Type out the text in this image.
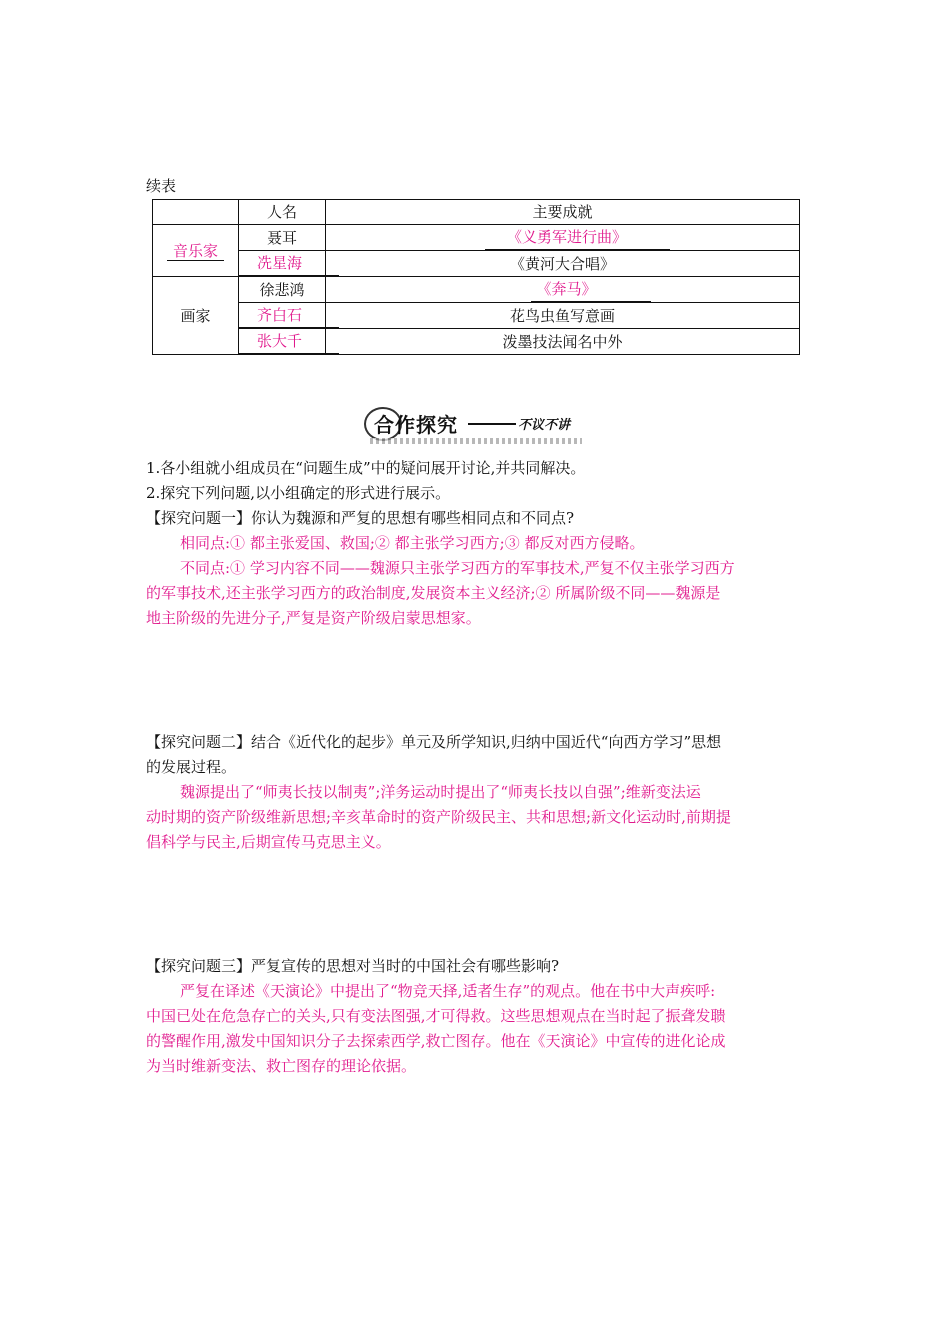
续表
	人名	主要成就
音乐家	聂耳	《义勇军进行曲》
	冼星海	《黄河大合唱》
画家	徐悲鸿	《奔马》
	齐白石	花鸟虫鱼写意画
	张大千	泼墨技法闻名中外
合作探究	不议不讲
1.各小组就小组成员在“问题生成”中的疑问展开讨论,并共同解决。
2.探究下列问题,以小组确定的形式进行展示。
【探究问题一】你认为魏源和严复的思想有哪些相同点和不同点?
相同点:① 都主张爱国、救国;② 都主张学习西方;③ 都反对西方侵略。
不同点:① 学习内容不同——魏源只主张学习西方的军事技术,严复不仅主张学习西方
的军事技术,还主张学习西方的政治制度,发展资本主义经济;② 所属阶级不同——魏源是
地主阶级的先进分子,严复是资产阶级启蒙思想家。
【探究问题二】结合《近代化的起步》单元及所学知识,归纳中国近代“向西方学习”思想
的发展过程。
魏源提出了“师夷长技以制夷”;洋务运动时提出了“师夷长技以自强”;维新变法运
动时期的资产阶级维新思想;辛亥革命时的资产阶级民主、共和思想;新文化运动时,前期提
倡科学与民主,后期宣传马克思主义。
【探究问题三】严复宣传的思想对当时的中国社会有哪些影响?
严复在译述《天演论》中提出了“物竞天择,适者生存”的观点。他在书中大声疾呼:
中国已处在危急存亡的关头,只有变法图强,才可得救。这些思想观点在当时起了振聋发聩
的警醒作用,激发中国知识分子去探索西学,救亡图存。他在《天演论》中宣传的进化论成
为当时维新变法、救亡图存的理论依据。
